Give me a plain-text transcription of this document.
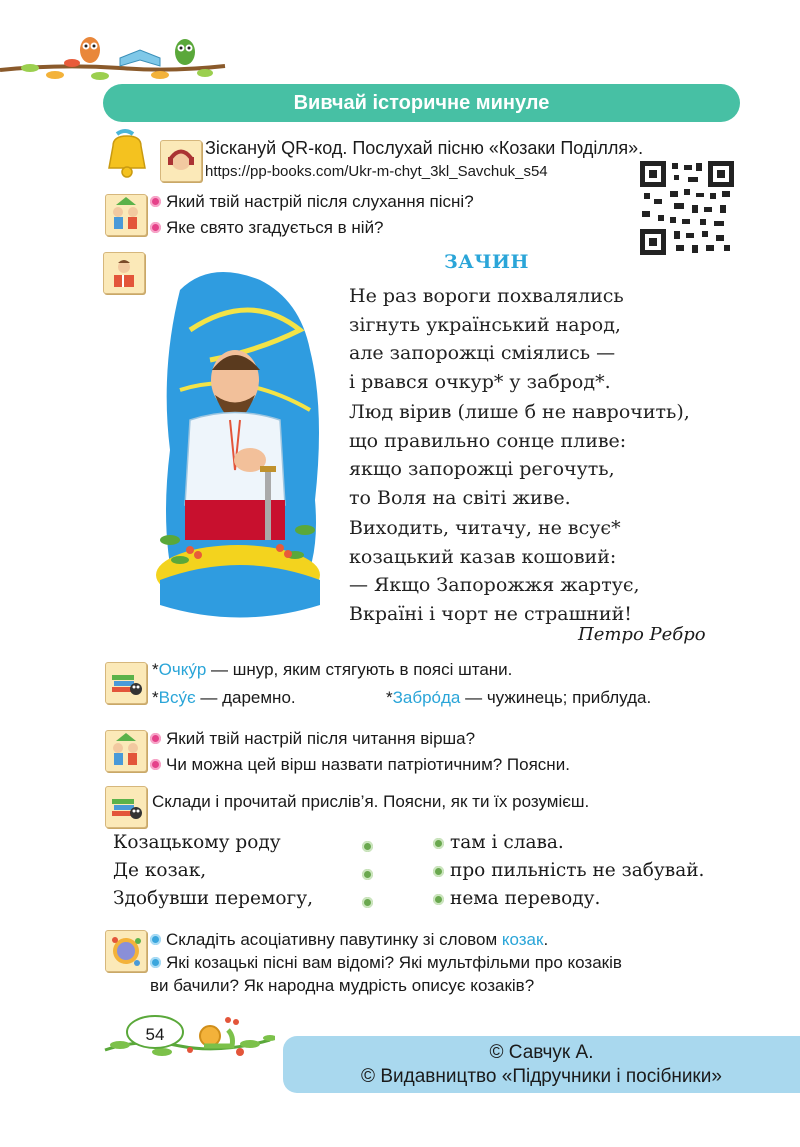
Вивчай історичне минуле
Зіскануй QR-код. Послухай пісню «Козаки Поділля».
https://pp-books.com/Ukr-m-chyt_3kl_Savchuk_s54
Який твій настрій після слухання пісні?
Яке свято згадується в ній?
ЗАЧИН
Не раз вороги похвалялись
зігнуть український народ,
але запорожці сміялись —
і рвався очкур* у заброд*.
Люд вірив (лише б не наврочить),
що правильно сонце пливе:
якщо запорожці регочуть,
то Воля на світі живе.
Виходить, читачу, не всує*
козацький казав кошовий:
— Якщо Запорожжя жартує,
Вкраїні і чорт не страшний!
Петро Ребро
*Очку́р — шнур, яким стягують в поясі штани.
*Всу́є — даремно.	*Забро́да — чужинець; приблуда.
Який твій настрій після читання вірша?
Чи можна цей вірш назвати патріотичним? Поясни.
Склади і прочитай прислів’я. Поясни, як ти їх розумієш.
Козацькому роду
Де козак,
Здобувши перемогу,
там і слава.
про пильність не забувай.
нема переводу.
Складіть асоціативну павутинку зі словом козак.
Які козацькі пісні вам відомі? Які мультфільми про козаків
ви бачили? Як народна мудрість описує козаків?
54
© Савчук А.
© Видавництво «Підручники і посібники»
